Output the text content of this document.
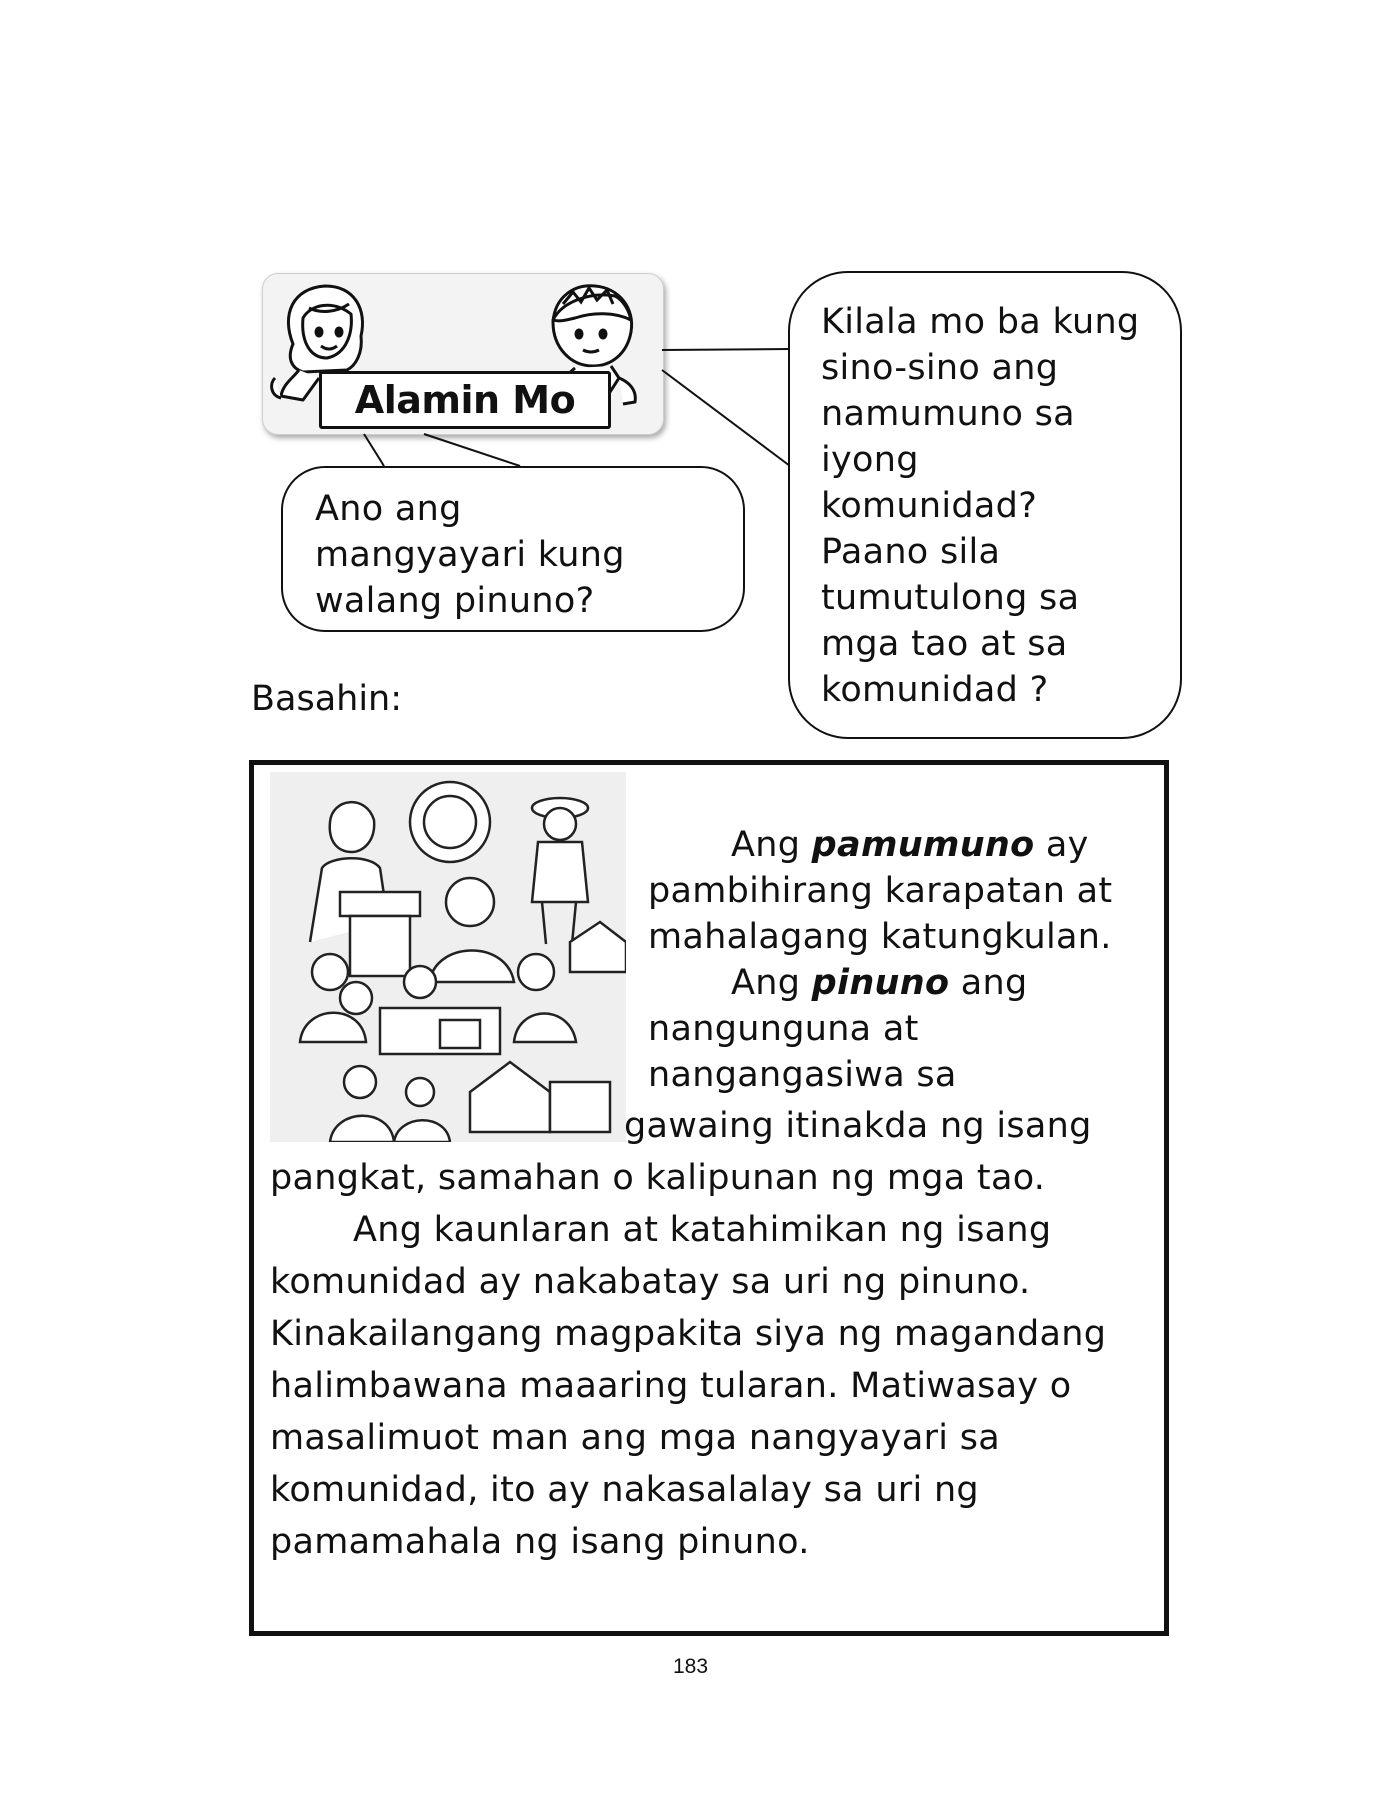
Alamin Mo
Ano ang
mangyayari kung
walang pinuno?
Kilala mo ba kung
sino-sino ang
namumuno sa
iyong
komunidad?
Paano sila
tumutulong sa
mga tao at sa
komunidad ?
Basahin:
Ang pamumuno ay
pambihirang karapatan at
mahalagang katungkulan.
Ang pinuno ang
nangunguna at
nangangasiwa sa
gawaing itinakda ng isang
pangkat, samahan o kalipunan ng mga tao.
Ang kaunlaran at katahimikan ng isang
komunidad ay nakabatay sa uri ng pinuno.
Kinakailangang magpakita siya ng magandang
halimbawana maaaring tularan. Matiwasay o
masalimuot man ang mga nangyayari sa
komunidad, ito ay nakasalalay sa uri ng
pamamahala ng isang pinuno.
183
